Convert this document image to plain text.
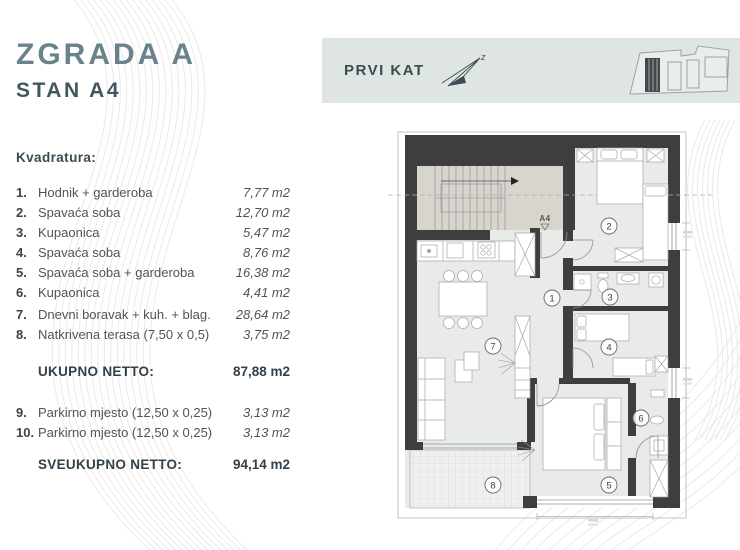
ZGRADA A
STAN A4
Kvadratura:
1. Hodnik + garderoba	7,77 m2
2. Spavaća soba	12,70 m2
3. Kupaonica	5,47 m2
4. Spavaća soba	8,76 m2
5. Spavaća soba + garderoba	16,38 m2
6. Kupaonica	4,41 m2
7. Dnevni boravak + kuh. + blag.	28,64 m2
8. Natkrivena terasa (7,50 x 0,5)	3,75 m2
UKUPNO NETTO:	87,88 m2
9. Parkirno mjesto (12,50 x 0,25)	3,13 m2
10. Parkirno mjesto (12,50 x 0,25)	3,13 m2
SVEUKUPNO NETTO:	94,14 m2
PRVI KAT
z
A4
1
2
3
4
5
6
7
8
